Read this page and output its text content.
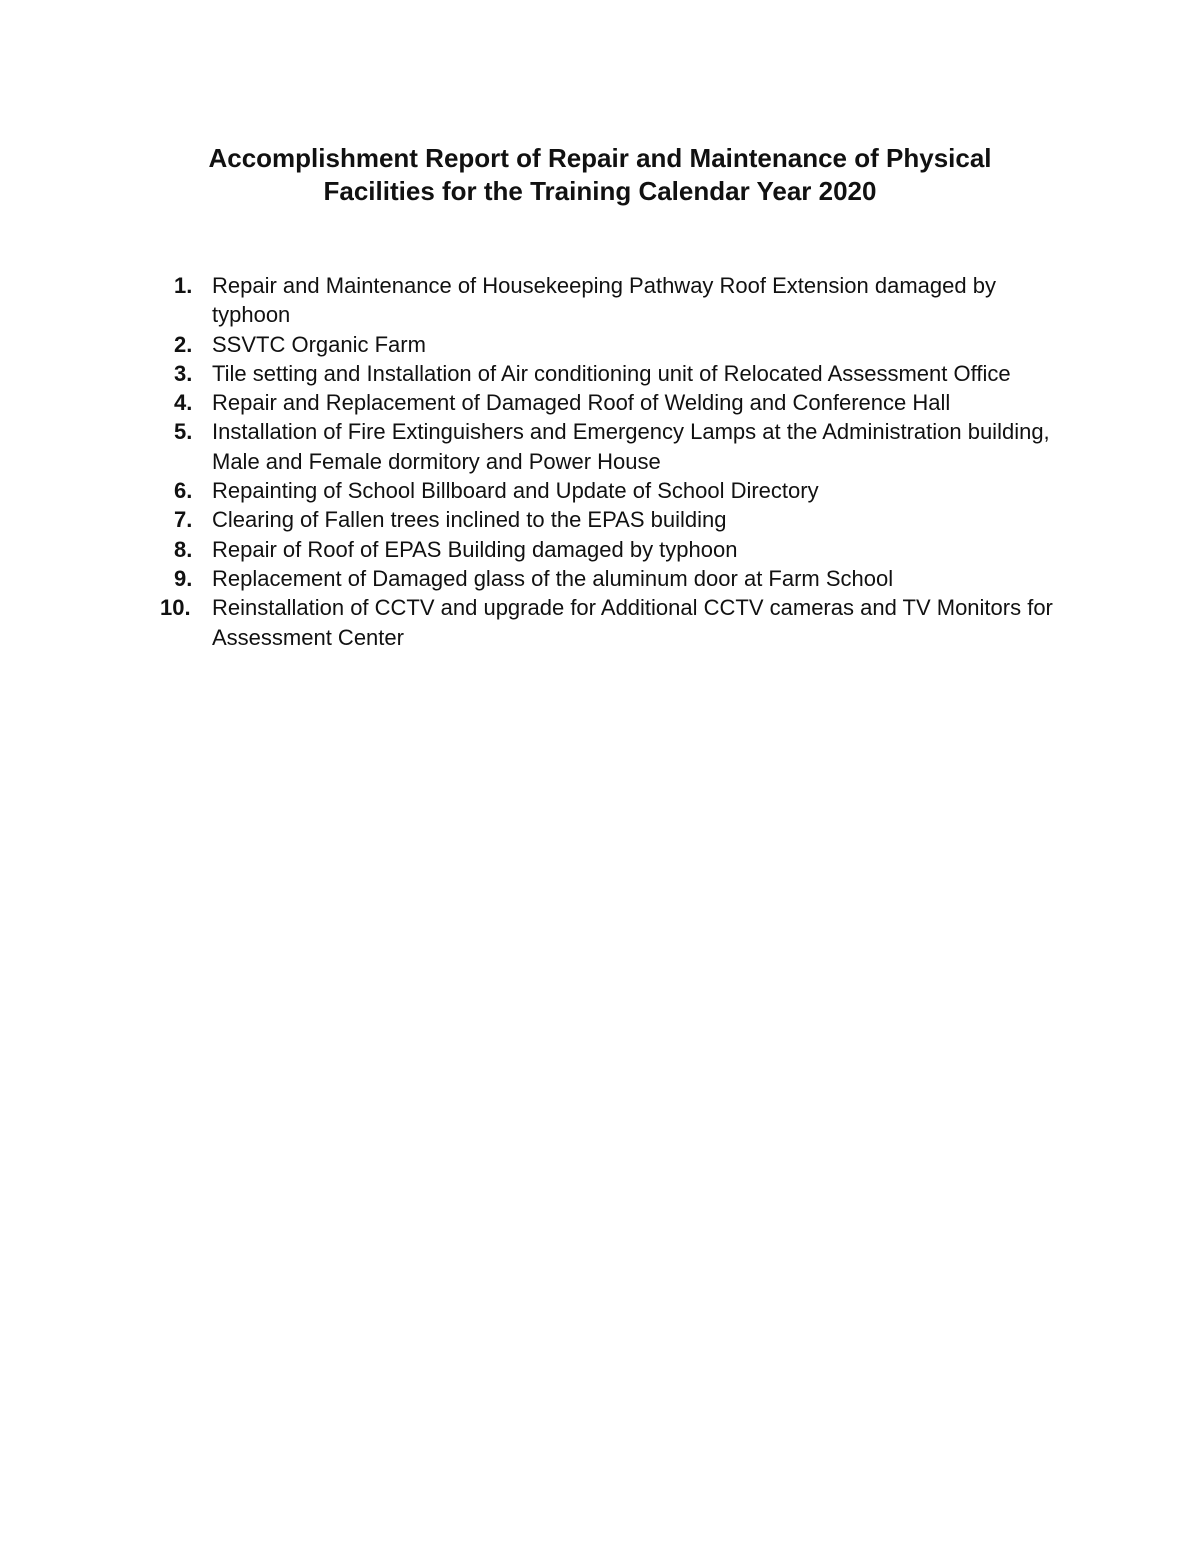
Accomplishment Report of Repair and Maintenance of Physical
Facilities for the Training Calendar Year 2020
1. Repair and Maintenance of Housekeeping Pathway Roof Extension damaged by typhoon
2. SSVTC Organic Farm
3. Tile setting and Installation of Air conditioning unit of Relocated Assessment Office
4. Repair and Replacement of Damaged Roof of Welding and Conference Hall
5. Installation of Fire Extinguishers and Emergency Lamps at the Administration building, Male and Female dormitory and Power House
6. Repainting of School Billboard and Update of School Directory
7. Clearing of Fallen trees inclined to the EPAS building
8. Repair of Roof of EPAS Building damaged by typhoon
9. Replacement of Damaged glass of the aluminum door at Farm School
10. Reinstallation of CCTV and upgrade for Additional CCTV cameras and TV Monitors for Assessment Center
